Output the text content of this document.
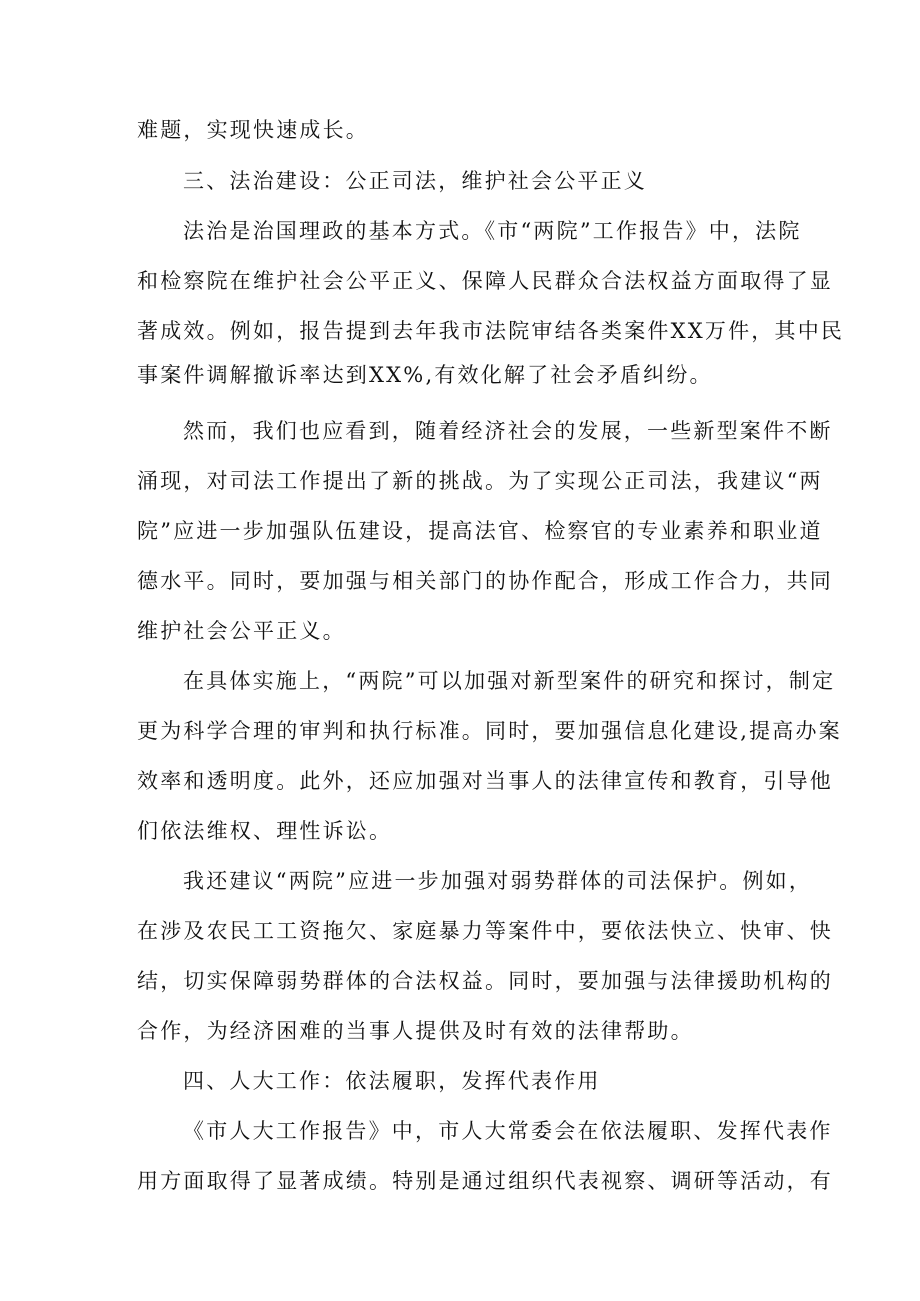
难题，实现快速成长。

三、法治建设：公正司法，维护社会公平正义

法治是治国理政的基本方式。《市“两院”工作报告》中，法院

和检察院在维护社会公平正义、保障人民群众合法权益方面取得了显

著成效。例如，报告提到去年我市法院审结各类案件XX万件，其中民

事案件调解撤诉率达到XX%,有效化解了社会矛盾纠纷。

然而，我们也应看到，随着经济社会的发展，一些新型案件不断

涌现，对司法工作提出了新的挑战。为了实现公正司法，我建议“两

院”应进一步加强队伍建设，提高法官、检察官的专业素养和职业道

德水平。同时，要加强与相关部门的协作配合，形成工作合力，共同

维护社会公平正义。

在具体实施上，“两院”可以加强对新型案件的研究和探讨，制定

更为科学合理的审判和执行标准。同时，要加强信息化建设,提高办案

效率和透明度。此外，还应加强对当事人的法律宣传和教育，引导他

们依法维权、理性诉讼。

我还建议“两院”应进一步加强对弱势群体的司法保护。例如，

在涉及农民工工资拖欠、家庭暴力等案件中，要依法快立、快审、快

结，切实保障弱势群体的合法权益。同时，要加强与法律援助机构的

合作，为经济困难的当事人提供及时有效的法律帮助。

四、人大工作：依法履职，发挥代表作用

《市人大工作报告》中，市人大常委会在依法履职、发挥代表作

用方面取得了显著成绩。特别是通过组织代表视察、调研等活动，有
